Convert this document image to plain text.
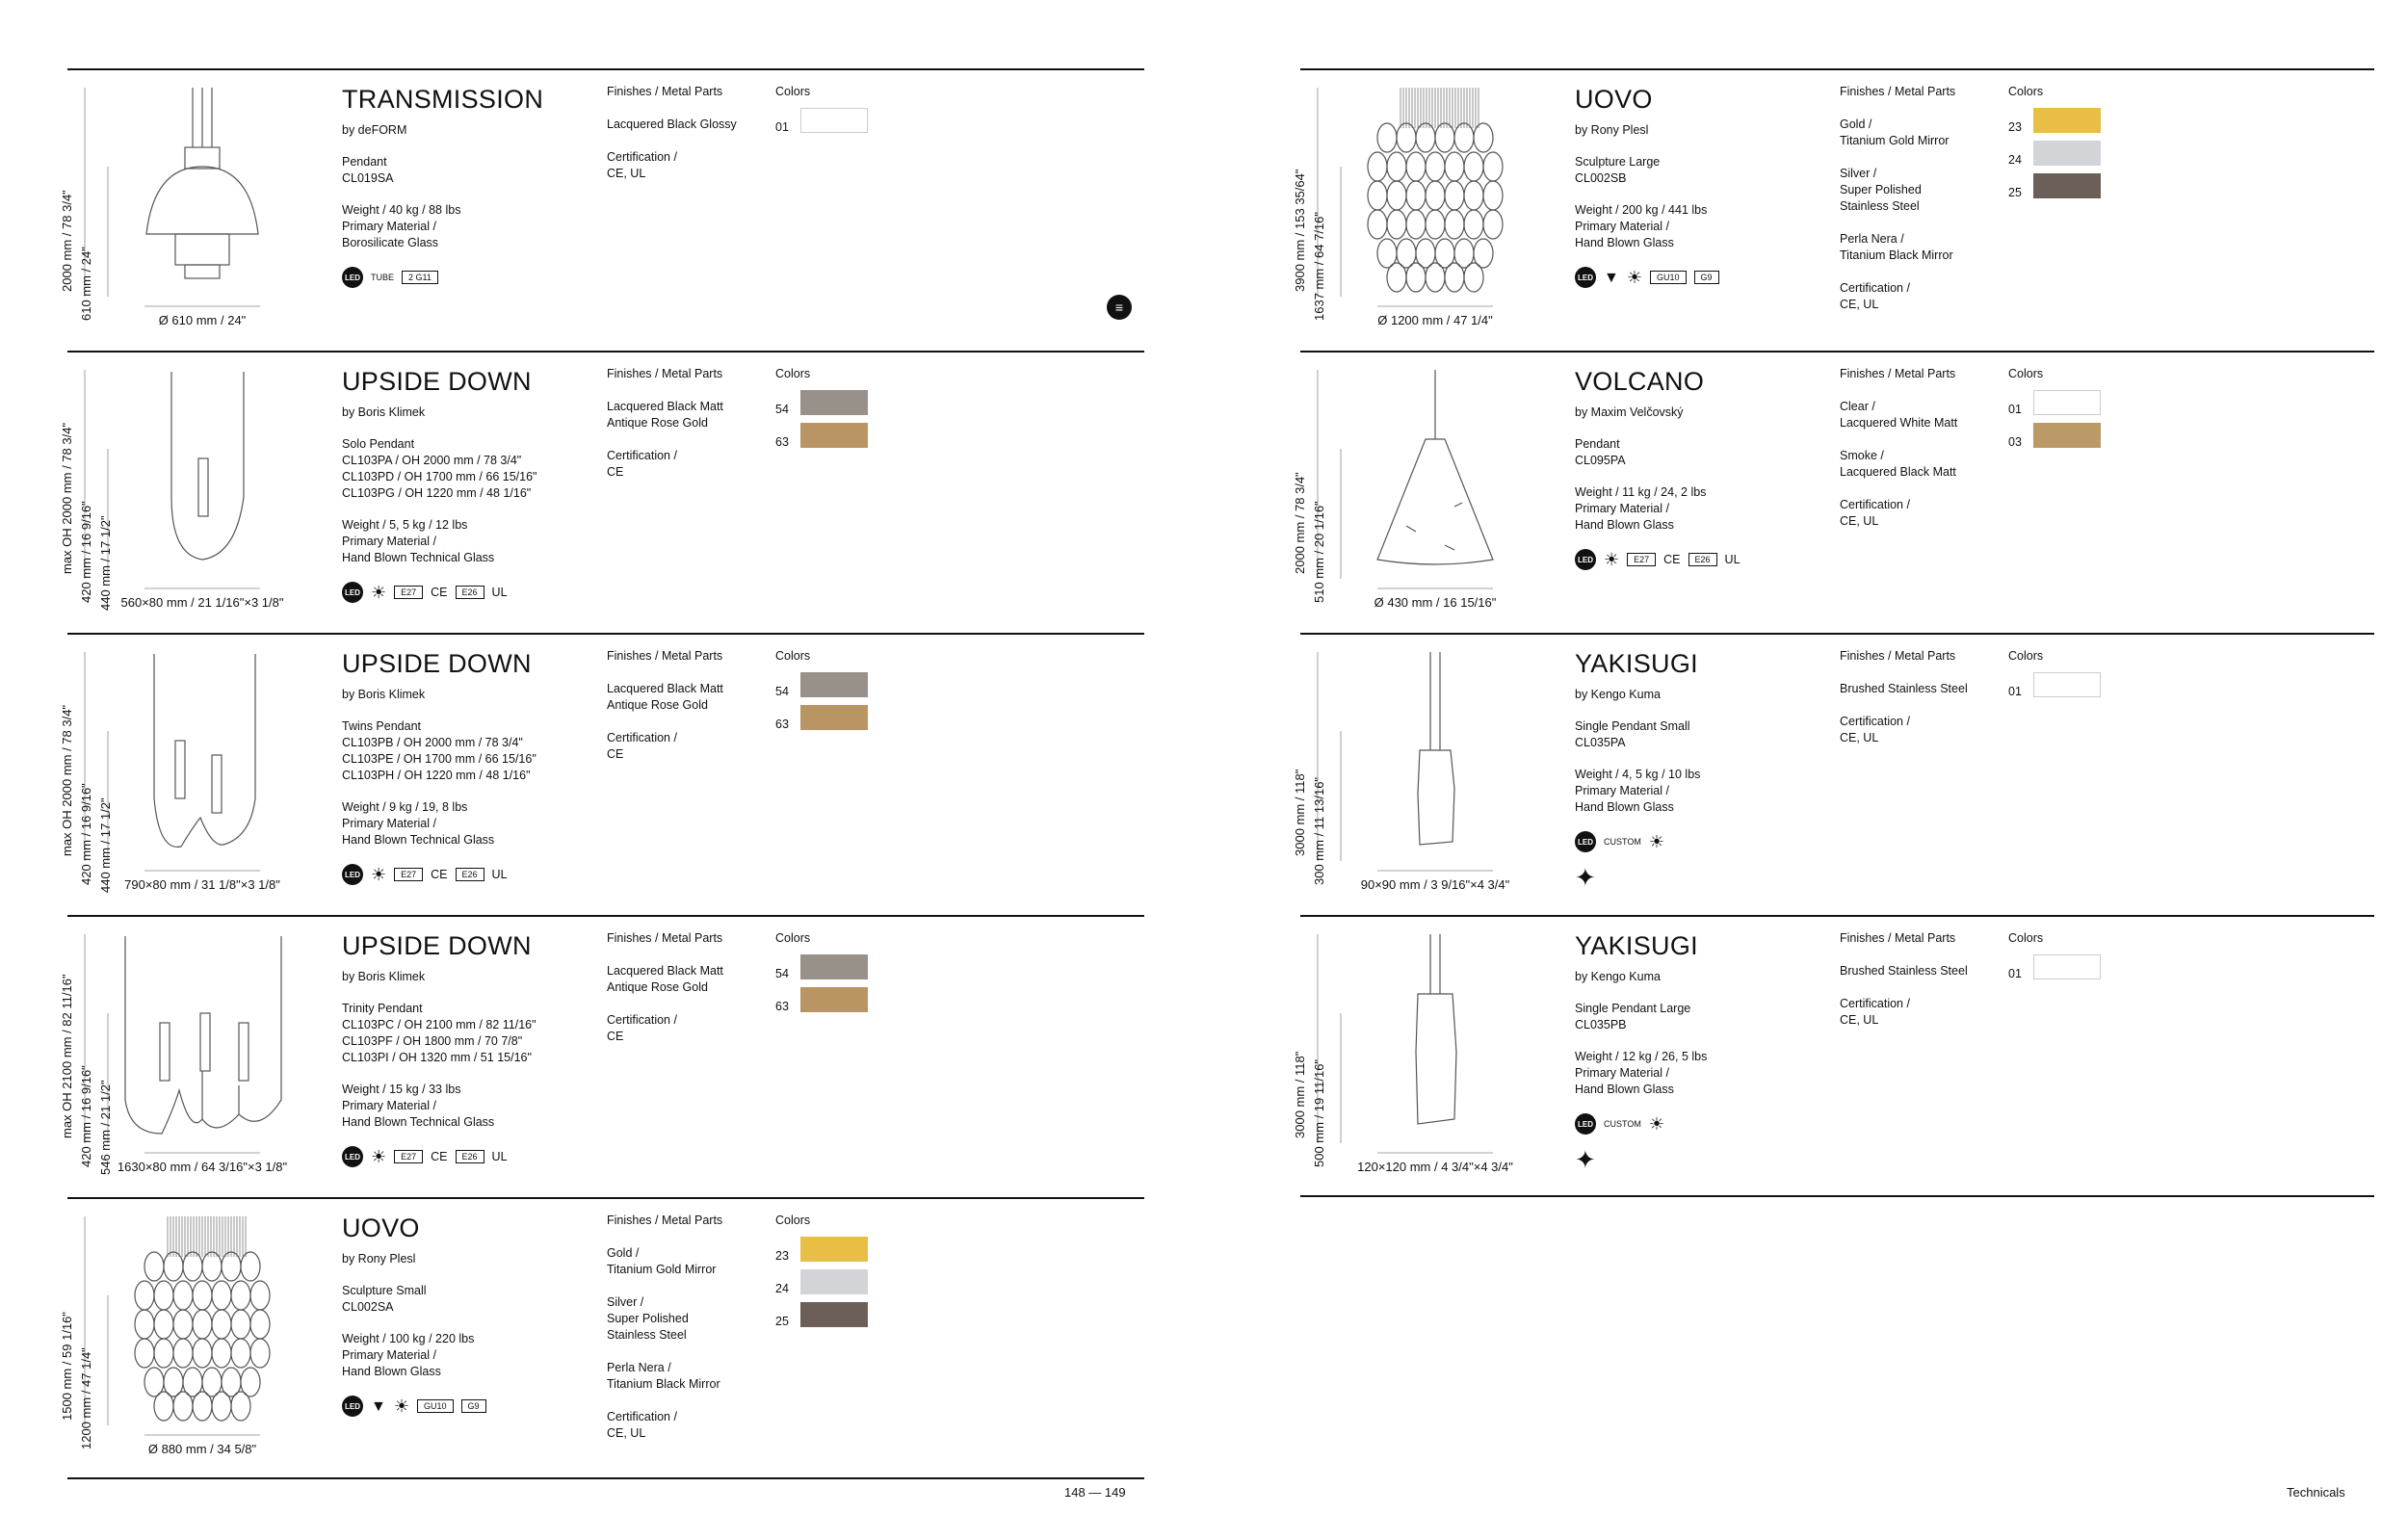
2000 mm / 78 3/4" 610 mm / 24"	Ø 610 mm / 24"
TRANSMISSION
by deFORM
Pendant
CL019SA
Weight / 40 kg / 88 lbs
Primary Material /
Borosilicate Glass
LED	TUBE	2 G11
Finishes / Metal Parts

Lacquered Black Glossy

Certification /
CE, UL

Colors
01
max OH 2000 mm / 78 3/4" 420 mm / 16 9/16" 440 mm / 17 1/2" 560×80 mm / 21 1/16"×3 1/8"
UPSIDE DOWN
by Boris Klimek
Solo Pendant
CL103PA / OH 2000 mm / 78 3/4"
CL103PD / OH 1700 mm / 66 15/16"
CL103PG / OH 1220 mm / 48 1/16"
Weight / 5, 5 kg / 12 lbs
Primary Material /
Hand Blown Technical Glass
LED ☀	E27	CE	E26	UL
Finishes / Metal Parts

Lacquered Black Matt
Antique Rose Gold

Certification /
CE

Colors
54
63
max OH 2000 mm / 78 3/4" 420 mm / 16 9/16" 440 mm / 17 1/2" 790×80 mm / 31 1/8"×3 1/8"
UPSIDE DOWN
by Boris Klimek
Twins Pendant
CL103PB / OH 2000 mm / 78 3/4"
CL103PE / OH 1700 mm / 66 15/16"
CL103PH / OH 1220 mm / 48 1/16"
Weight / 9 kg / 19, 8 lbs
Primary Material /
Hand Blown Technical Glass
LED ☀	E27	CE	E26	UL
Finishes / Metal Parts

Lacquered Black Matt
Antique Rose Gold

Certification /
CE

Colors
54
63
max OH 2100 mm / 82 11/16" 420 mm / 16 9/16" 546 mm / 21 1/2" 1630×80 mm / 64 3/16"×3 1/8"
UPSIDE DOWN
by Boris Klimek
Trinity Pendant
CL103PC / OH 2100 mm / 82 11/16"
CL103PF / OH 1800 mm / 70 7/8"
CL103PI / OH 1320 mm / 51 15/16"
Weight / 15 kg / 33 lbs
Primary Material /
Hand Blown Technical Glass
LED ☀	E27	CE	E26	UL
Finishes / Metal Parts

Lacquered Black Matt
Antique Rose Gold

Certification /
CE

Colors
54
63
1500 mm / 59 1/16" 1200 mm / 47 1/4"	Ø 880 mm / 34 5/8"
UOVO
by Rony Plesl
Sculpture Small
CL002SA
Weight / 100 kg / 220 lbs
Primary Material /
Hand Blown Glass
LED ▼ ☀	GU10	G9
Finishes / Metal Parts

Gold /
Titanium Gold Mirror

Silver /
Super Polished
Stainless Steel

Perla Nera /
Titanium Black Mirror

Certification /
CE, UL

Colors
23
24
25
3900 mm / 153 35/64" 1637 mm / 64 7/16"	Ø 1200 mm / 47 1/4"
UOVO
by Rony Plesl
Sculpture Large
CL002SB
Weight / 200 kg / 441 lbs
Primary Material /
Hand Blown Glass
LED ▼ ☀	GU10	G9
Finishes / Metal Parts

Gold /
Titanium Gold Mirror

Silver /
Super Polished
Stainless Steel

Perla Nera /
Titanium Black Mirror

Certification /
CE, UL

Colors
23
24
25
2000 mm / 78 3/4" 510 mm / 20 1/16"	Ø 430 mm / 16 15/16"
VOLCANO
by Maxim Velčovský
Pendant
CL095PA
Weight / 11 kg / 24, 2 lbs
Primary Material /
Hand Blown Glass
LED ☀	E27	CE	E26	UL
Finishes / Metal Parts

Clear /
Lacquered White Matt

Smoke /
Lacquered Black Matt

Certification /
CE, UL

Colors
01
03
3000 mm / 118" 300 mm / 11 13/16"	90×90 mm / 3 9/16"×4 3/4"
YAKISUGI
by Kengo Kuma
Single Pendant Small
CL035PA
Weight / 4, 5 kg / 10 lbs
Primary Material /
Hand Blown Glass
LED	CUSTOM ☀
✦
Finishes / Metal Parts

Brushed Stainless Steel

Certification /
CE, UL

Colors
01
3000 mm / 118" 500 mm / 19 11/16"	120×120 mm / 4 3/4"×4 3/4"
YAKISUGI
by Kengo Kuma
Single Pendant Large
CL035PB
Weight / 12 kg / 26, 5 lbs
Primary Material /
Hand Blown Glass
LED	CUSTOM ☀
✦
Finishes / Metal Parts

Brushed Stainless Steel

Certification /
CE, UL

Colors
01
≡
148 — 149	Technicals
